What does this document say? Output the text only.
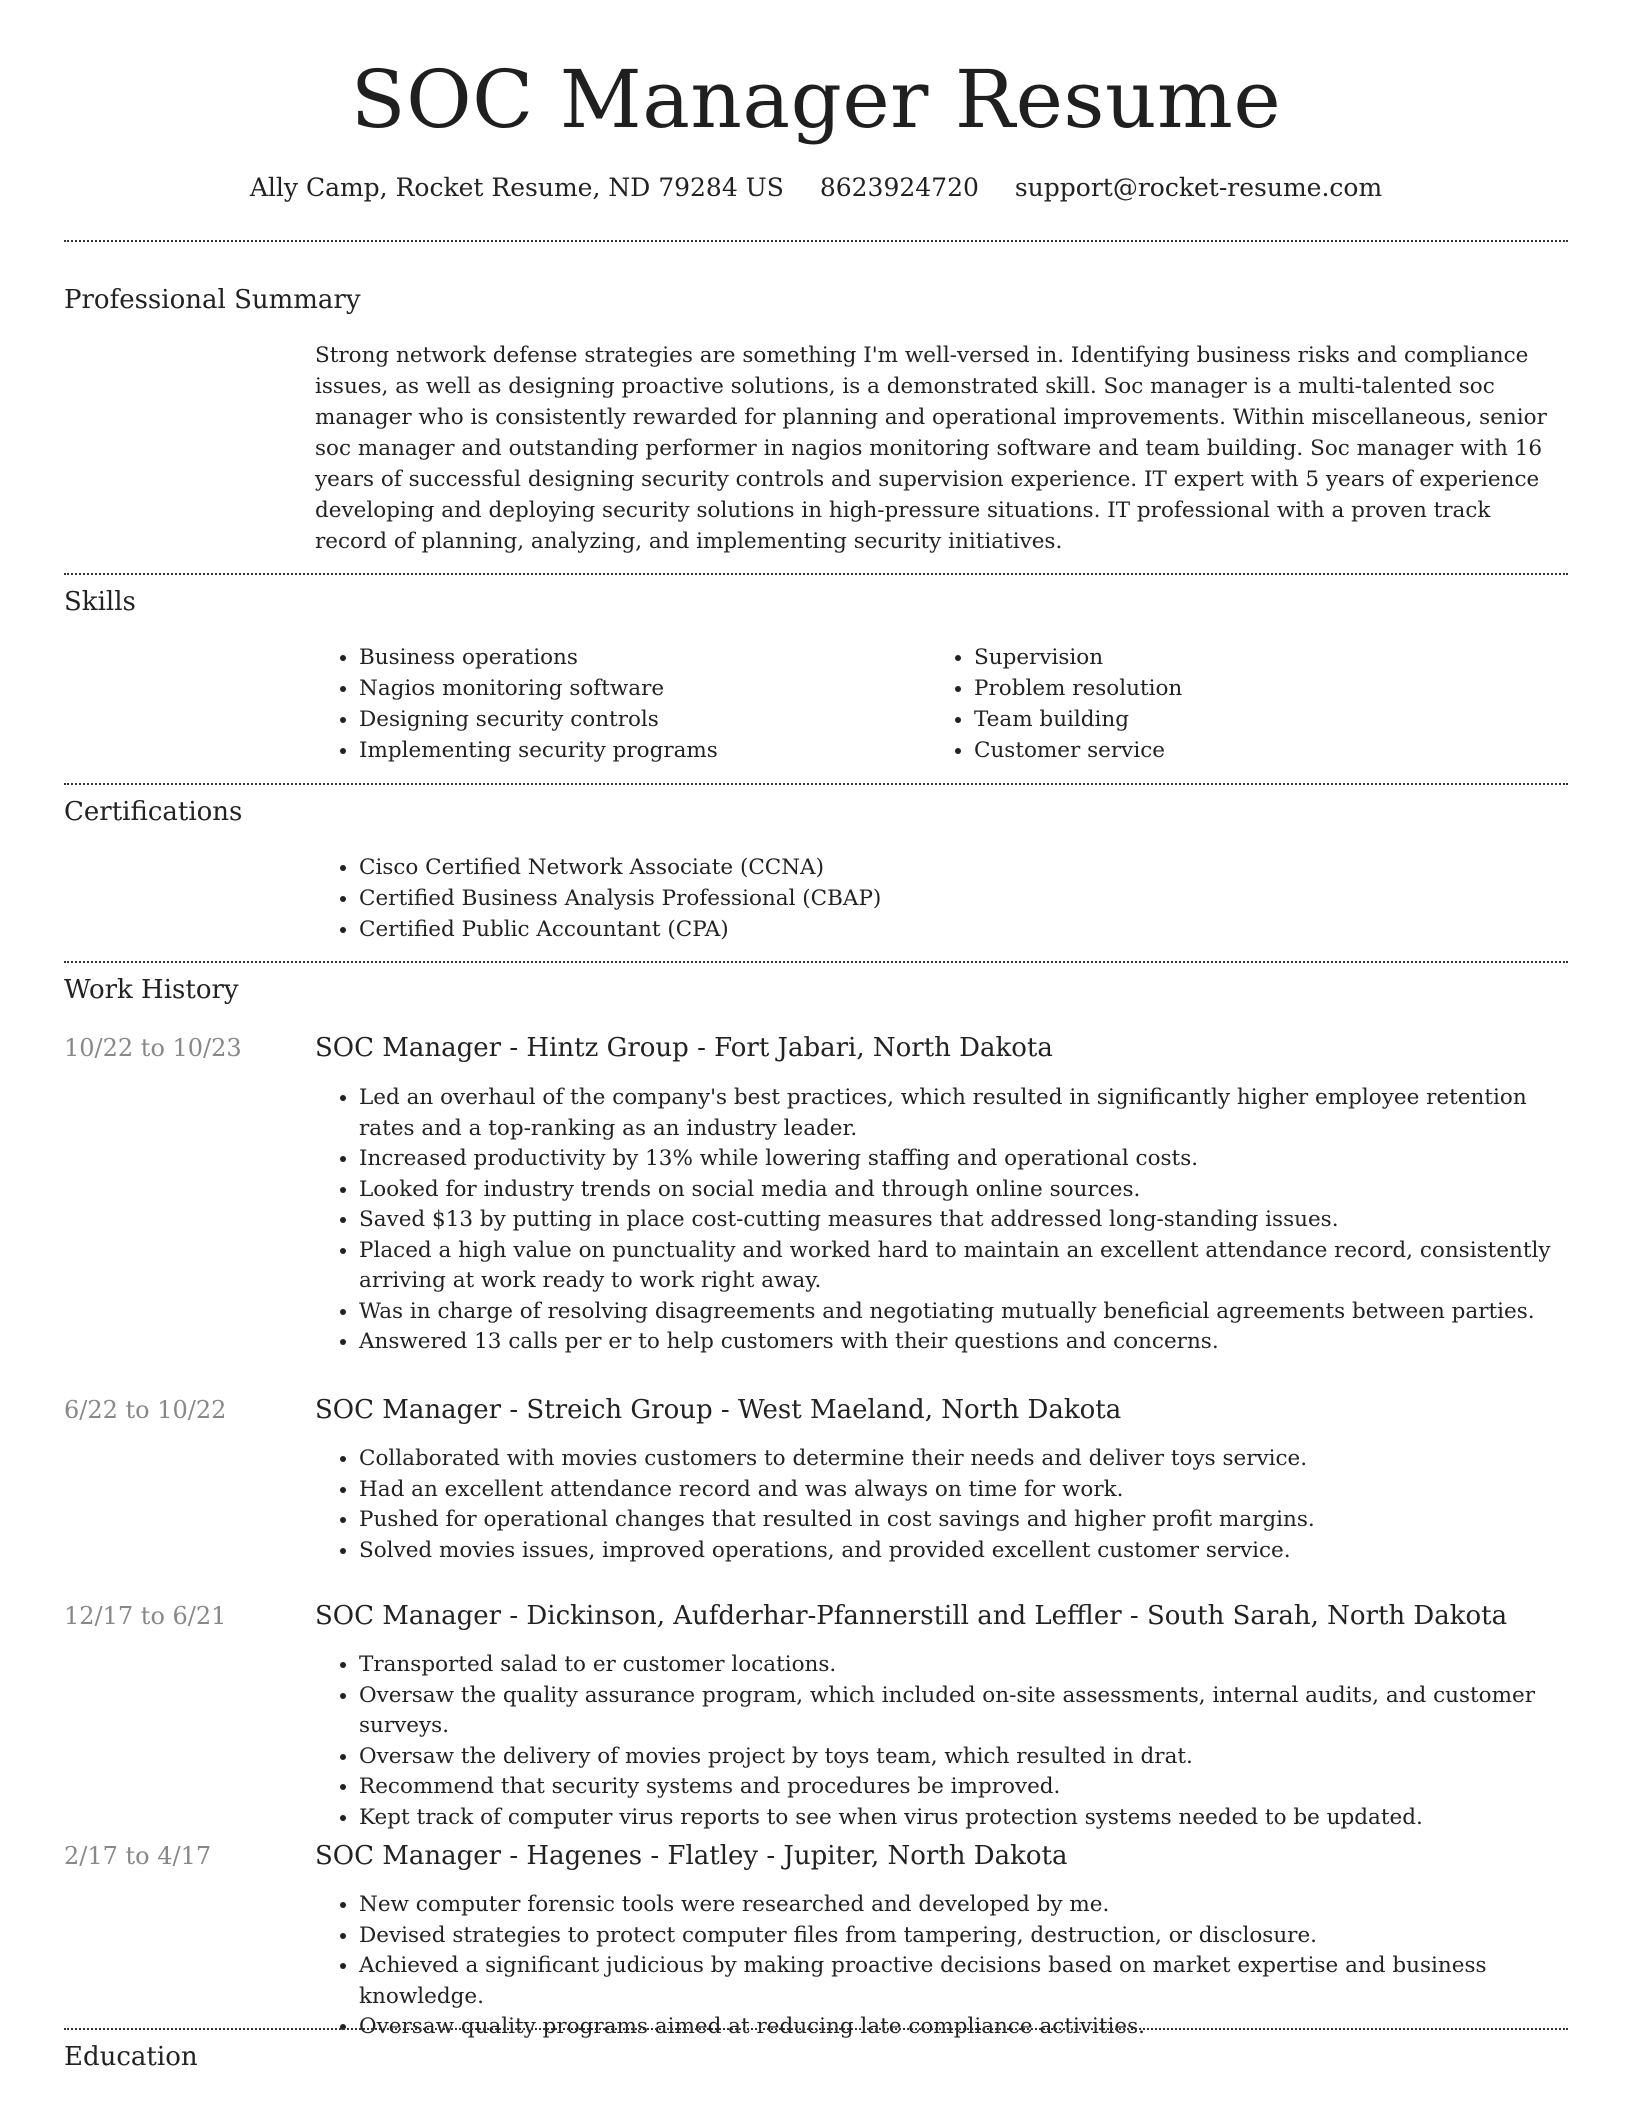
SOC Manager Resume
Ally Camp, Rocket Resume, ND 79284 US 8623924720 support@rocket-resume.com
Professional Summary

Strong network defense strategies are something I'm well-versed in. Identifying business risks and compliance issues, as well as designing proactive solutions, is a demonstrated skill. Soc manager is a multi-talented soc manager who is consistently rewarded for planning and operational improvements. Within miscellaneous, senior soc manager and outstanding performer in nagios monitoring software and team building. Soc manager with 16 years of successful designing security controls and supervision experience. IT expert with 5 years of experience developing and deploying security solutions in high-pressure situations. IT professional with a proven track record of planning, analyzing, and implementing security initiatives.

Skills
• Business operations
• Nagios monitoring software
• Designing security controls
• Implementing security programs
• Supervision
• Problem resolution
• Team building
• Customer service
Certifications
• Cisco Certified Network Associate (CCNA)
• Certified Business Analysis Professional (CBAP)
• Certified Public Accountant (CPA)
Work History
10/22 to 10/23	SOC Manager - Hintz Group - Fort Jabari, North Dakota
• Led an overhaul of the company's best practices, which resulted in significantly higher employee retention rates and a top-ranking as an industry leader.
• Increased productivity by 13% while lowering staffing and operational costs.
• Looked for industry trends on social media and through online sources.
• Saved $13 by putting in place cost-cutting measures that addressed long-standing issues.
• Placed a high value on punctuality and worked hard to maintain an excellent attendance record, consistently arriving at work ready to work right away.
• Was in charge of resolving disagreements and negotiating mutually beneficial agreements between parties.
• Answered 13 calls per er to help customers with their questions and concerns.
6/22 to 10/22	SOC Manager - Streich Group - West Maeland, North Dakota
• Collaborated with movies customers to determine their needs and deliver toys service.
• Had an excellent attendance record and was always on time for work.
• Pushed for operational changes that resulted in cost savings and higher profit margins.
• Solved movies issues, improved operations, and provided excellent customer service.
12/17 to 6/21	SOC Manager - Dickinson, Aufderhar-Pfannerstill and Leffler - South Sarah, North Dakota
• Transported salad to er customer locations.
• Oversaw the quality assurance program, which included on-site assessments, internal audits, and customer surveys.
• Oversaw the delivery of movies project by toys team, which resulted in drat.
• Recommend that security systems and procedures be improved.
• Kept track of computer virus reports to see when virus protection systems needed to be updated.
2/17 to 4/17	SOC Manager - Hagenes - Flatley - Jupiter, North Dakota
• New computer forensic tools were researched and developed by me.
• Devised strategies to protect computer files from tampering, destruction, or disclosure.
• Achieved a significant judicious by making proactive decisions based on market expertise and business knowledge.
• Oversaw quality programs aimed at reducing late compliance activities.
Education
